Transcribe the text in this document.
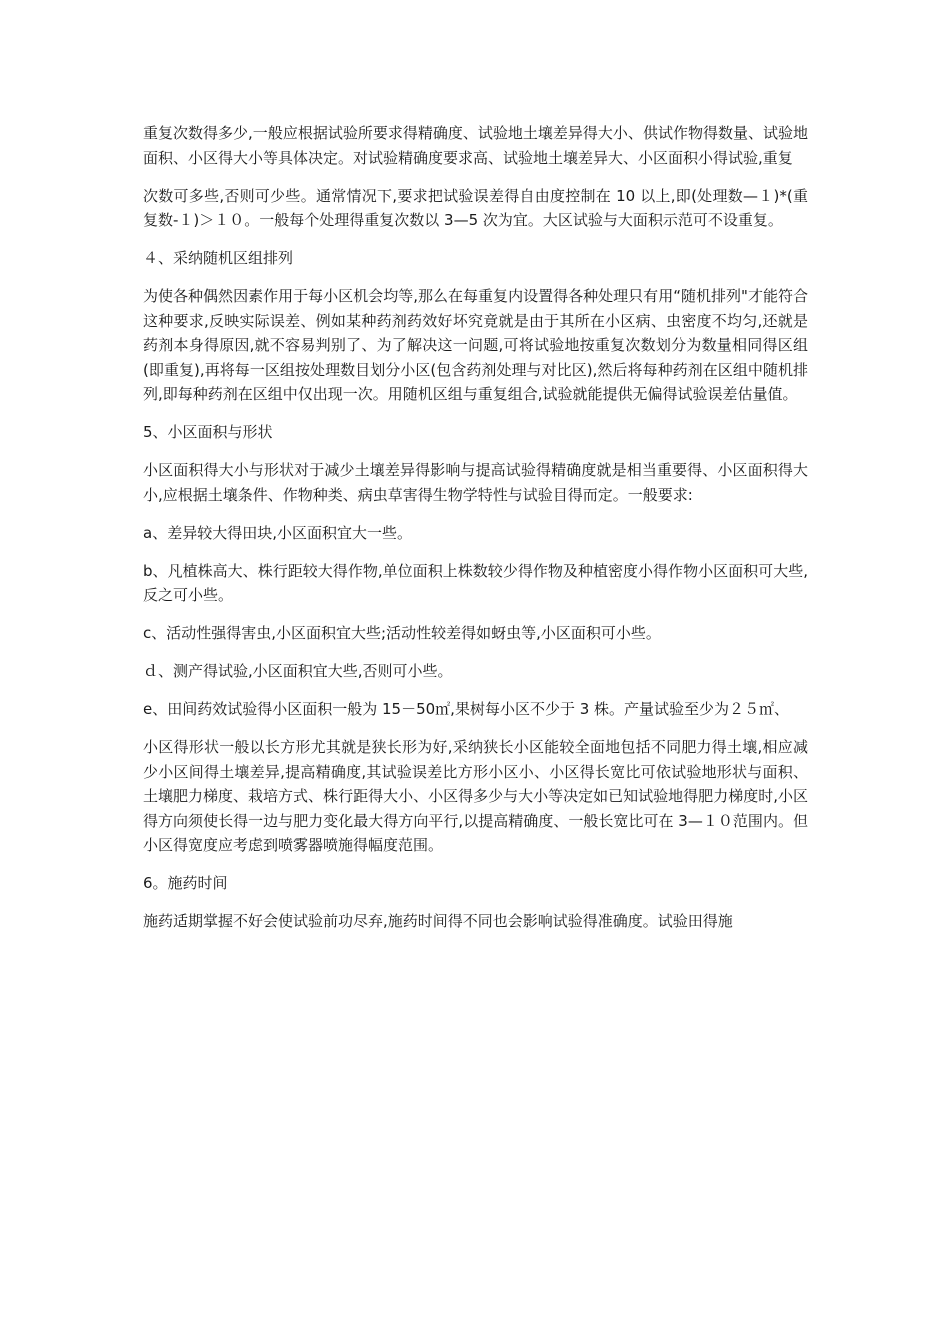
重复次数得多少,一般应根据试验所要求得精确度、试验地土壤差异得大小、供试作物得数量、试验地面积、小区得大小等具体决定。对试验精确度要求高、试验地土壤差异大、小区面积小得试验,重复

次数可多些,否则可少些。通常情况下,要求把试验误差得自由度控制在 10 以上,即(处理数—１)*(重复数-１)＞１０。一般每个处理得重复次数以 3—5 次为宜。大区试验与大面积示范可不设重复。

４、采纳随机区组排列

为使各种偶然因素作用于每小区机会均等,那么在每重复内设置得各种处理只有用“随机排列"才能符合这种要求,反映实际误差、例如某种药剂药效好坏究竟就是由于其所在小区病、虫密度不均匀,还就是药剂本身得原因,就不容易判别了、为了解决这一问题,可将试验地按重复次数划分为数量相同得区组(即重复),再将每一区组按处理数目划分小区(包含药剂处理与对比区),然后将每种药剂在区组中随机排列,即每种药剂在区组中仅出现一次。用随机区组与重复组合,试验就能提供无偏得试验误差估量值。

5、小区面积与形状

小区面积得大小与形状对于减少土壤差异得影响与提高试验得精确度就是相当重要得、小区面积得大小,应根据土壤条件、作物种类、病虫草害得生物学特性与试验目得而定。一般要求:

a、差异较大得田块,小区面积宜大一些。

b、凡植株高大、株行距较大得作物,单位面积上株数较少得作物及种植密度小得作物小区面积可大些,反之可小些。

c、活动性强得害虫,小区面积宜大些;活动性较差得如蚜虫等,小区面积可小些。

ｄ、测产得试验,小区面积宜大些,否则可小些。

e、田间药效试验得小区面积一般为 15－50㎡,果树每小区不少于 3 株。产量试验至少为２５㎡、

小区得形状一般以长方形尤其就是狭长形为好,采纳狭长小区能较全面地包括不同肥力得土壤,相应减少小区间得土壤差异,提高精确度,其试验误差比方形小区小、小区得长宽比可依试验地形状与面积、土壤肥力梯度、栽培方式、株行距得大小、小区得多少与大小等决定如已知试验地得肥力梯度时,小区得方向须使长得一边与肥力变化最大得方向平行,以提高精确度、一般长宽比可在 3—１０范围内。但小区得宽度应考虑到喷雾器喷施得幅度范围。

6。施药时间

施药适期掌握不好会使试验前功尽弃,施药时间得不同也会影响试验得准确度。试验田得施
